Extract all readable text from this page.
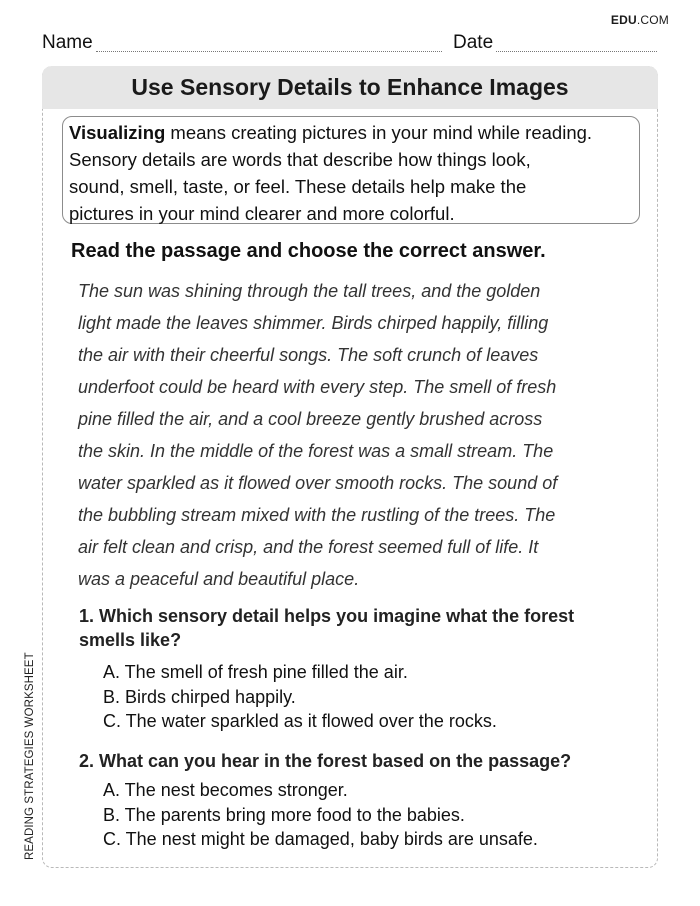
EDU.COM
Name	Date
Use Sensory Details to Enhance Images
Visualizing means creating pictures in your mind while reading.
Sensory details are words that describe how things look,
sound, smell, taste, or feel. These details help make the
pictures in your mind clearer and more colorful.
Read the passage and choose the correct answer.
The sun was shining through the tall trees, and the golden
light made the leaves shimmer. Birds chirped happily, filling
the air with their cheerful songs. The soft crunch of leaves
underfoot could be heard with every step. The smell of fresh
pine filled the air, and a cool breeze gently brushed across
the skin. In the middle of the forest was a small stream. The
water sparkled as it flowed over smooth rocks. The sound of
the bubbling stream mixed with the rustling of the trees. The
air felt clean and crisp, and the forest seemed full of life. It
was a peaceful and beautiful place.
1. Which sensory detail helps you imagine what the forest
smells like?
A. The smell of fresh pine filled the air.
B. Birds chirped happily.
C. The water sparkled as it flowed over the rocks.
2. What can you hear in the forest based on the passage?
A. The nest becomes stronger.
B. The parents bring more food to the babies.
C. The nest might be damaged, baby birds are unsafe.
READING STRATEGIES WORKSHEET
